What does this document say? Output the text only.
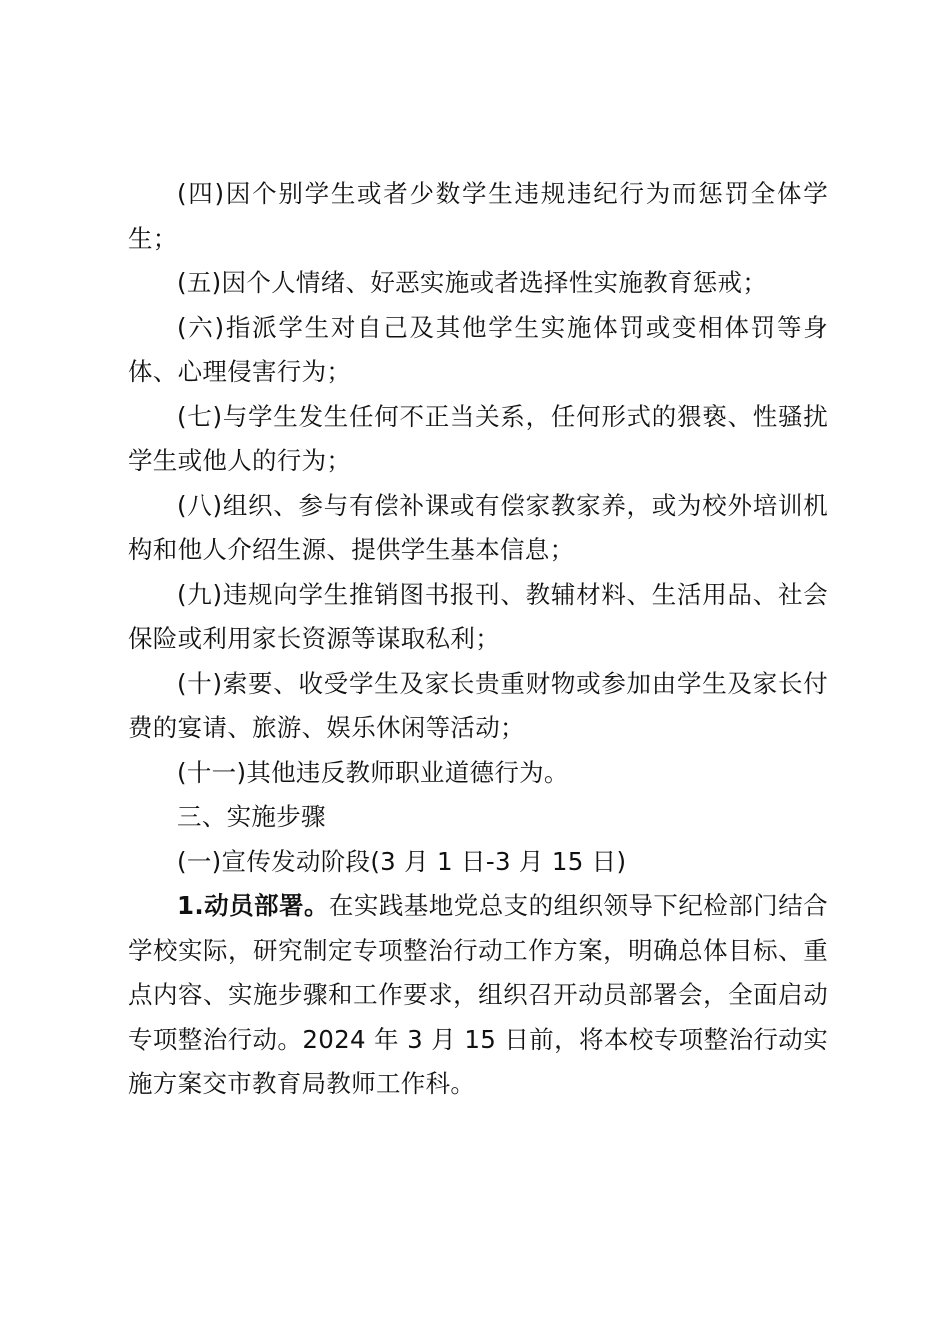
(四)因个别学生或者少数学生违规违纪行为而惩罚全体学生；

(五)因个人情绪、好恶实施或者选择性实施教育惩戒；

(六)指派学生对自己及其他学生实施体罚或变相体罚等身体、心理侵害行为；

(七)与学生发生任何不正当关系，任何形式的猥亵、性骚扰学生或他人的行为；

(八)组织、参与有偿补课或有偿家教家养，或为校外培训机构和他人介绍生源、提供学生基本信息；

(九)违规向学生推销图书报刊、教辅材料、生活用品、社会保险或利用家长资源等谋取私利；

(十)索要、收受学生及家长贵重财物或参加由学生及家长付费的宴请、旅游、娱乐休闲等活动；

(十一)其他违反教师职业道德行为。

三、实施步骤

(一)宣传发动阶段(3 月 1 日-3 月 15 日)

1.动员部署。在实践基地党总支的组织领导下纪检部门结合学校实际，研究制定专项整治行动工作方案，明确总体目标、重点内容、实施步骤和工作要求，组织召开动员部署会，全面启动专项整治行动。2024 年 3 月 15 日前，将本校专项整治行动实施方案交市教育局教师工作科。
